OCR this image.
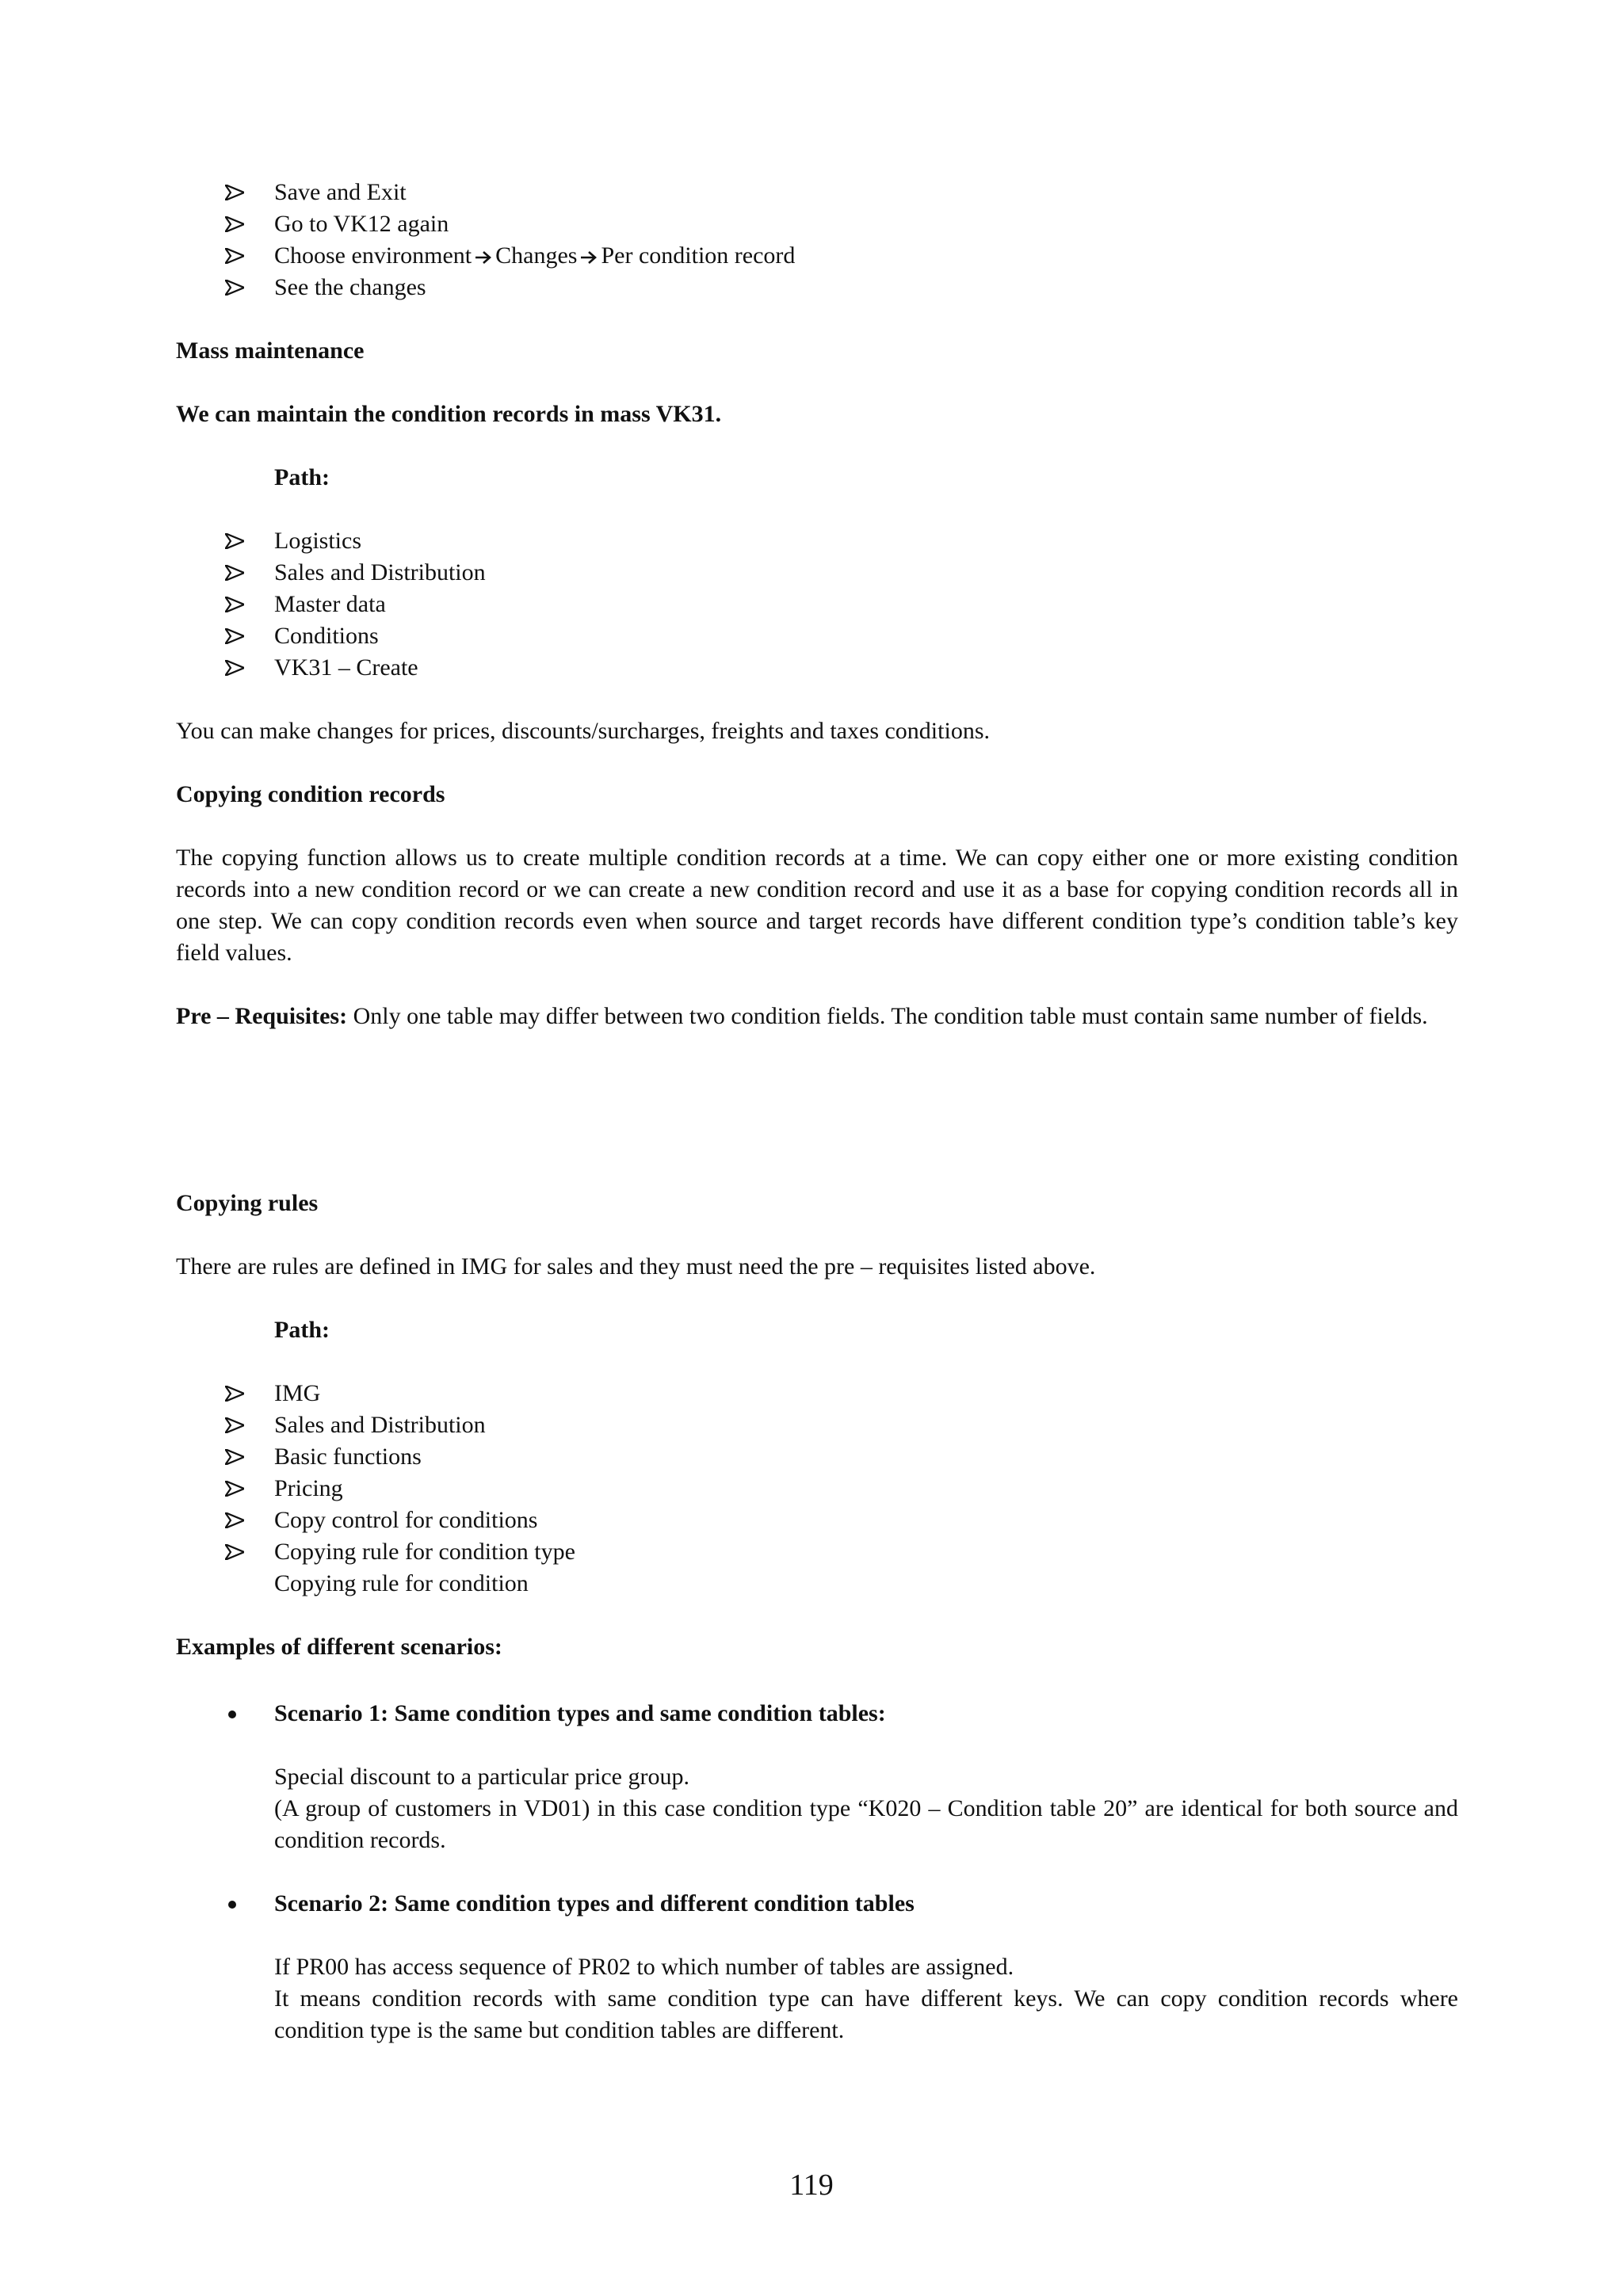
Save and Exit
Go to VK12 again
Choose environment Changes Per condition record
See the changes

Mass maintenance

We can maintain the condition records in mass VK31.

Path:

Logistics
Sales and Distribution
Master data
Conditions
VK31 – Create

You can make changes for prices, discounts/surcharges, freights and taxes conditions.

Copying condition records

The copying function allows us to create multiple condition records at a time. We can copy either one or more existing condition records into a new condition record or we can create a new condition record and use it as a base for copying condition records all in one step. We can copy condition records even when source and target records have different condition type’s condition table’s key field values.

Pre – Requisites: Only one table may differ between two condition fields. The condition table must contain same number of fields.

Copying rules

There are rules are defined in IMG for sales and they must need the pre – requisites listed above.

Path:

IMG
Sales and Distribution
Basic functions
Pricing
Copy control for conditions
Copying rule for condition type
Copying rule for condition

Examples of different scenarios:

Scenario 1: Same condition types and same condition tables:

Special discount to a particular price group.

(A group of customers in VD01) in this case condition type “K020 – Condition table 20” are identical for both source and condition records.

Scenario 2: Same condition types and different condition tables

If PR00 has access sequence of PR02 to which number of tables are assigned.

It means condition records with same condition type can have different keys. We can copy condition records where condition type is the same but condition tables are different.

119
